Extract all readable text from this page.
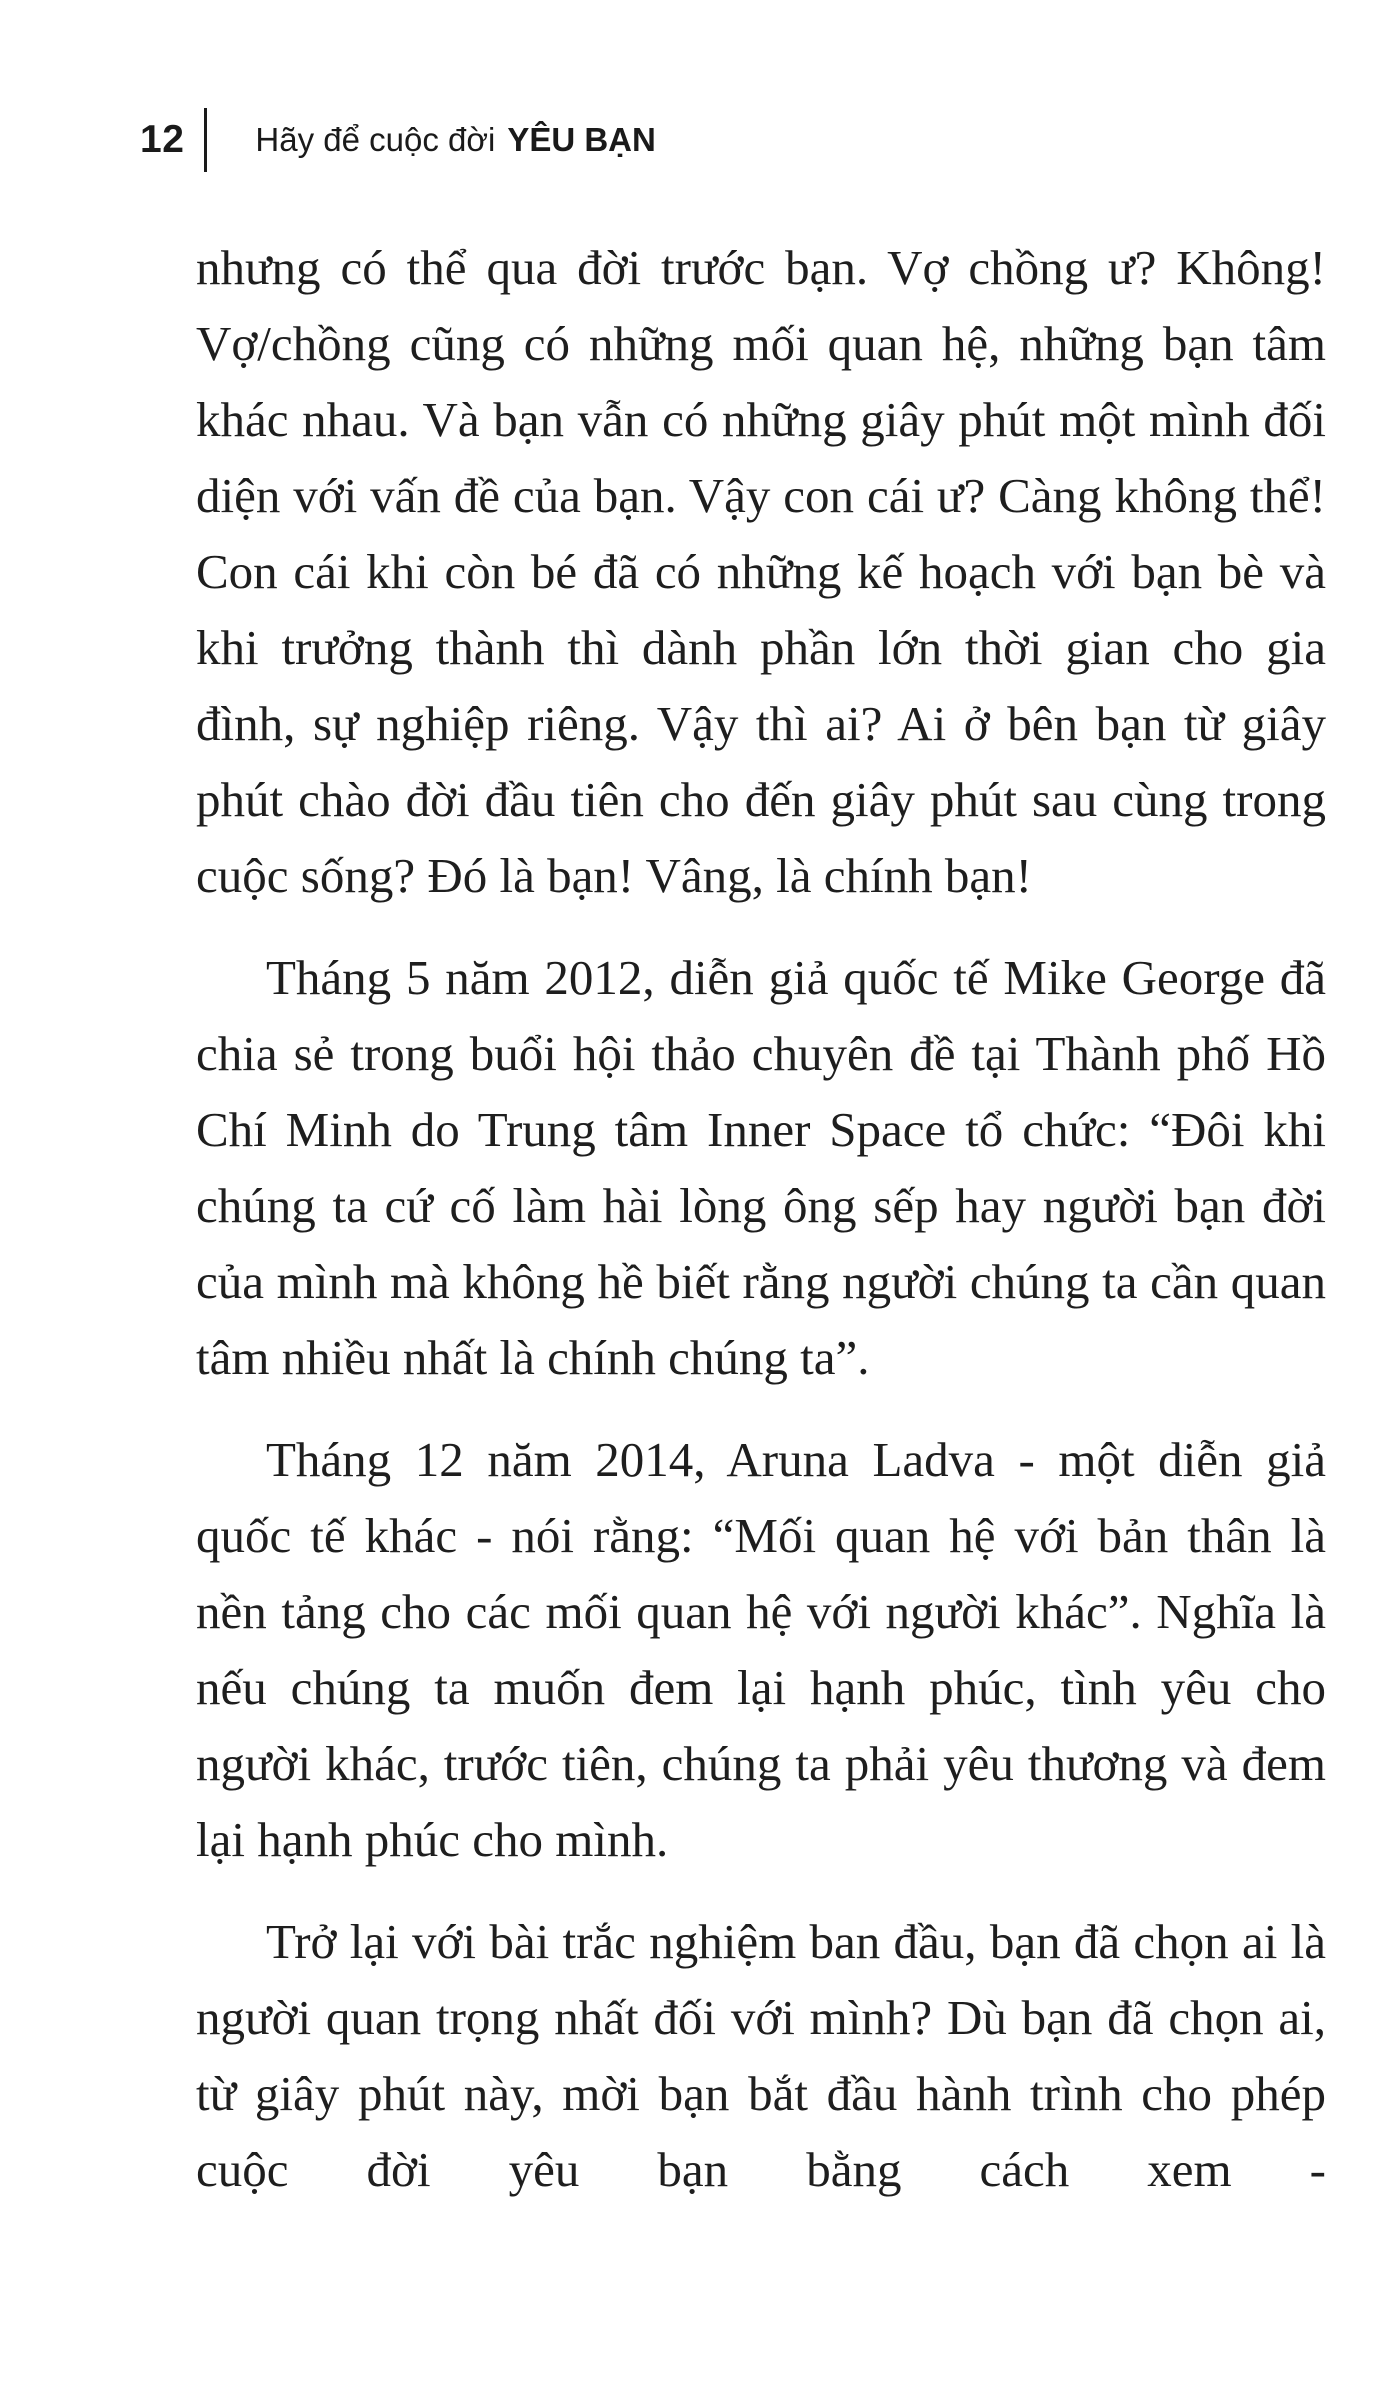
12 Hãy để cuộc đời YÊU BẠN

nhưng có thể qua đời trước bạn. Vợ chồng ư? Không! Vợ/chồng cũng có những mối quan hệ, những bạn tâm khác nhau. Và bạn vẫn có những giây phút một mình đối diện với vấn đề của bạn. Vậy con cái ư? Càng không thể! Con cái khi còn bé đã có những kế hoạch với bạn bè và khi trưởng thành thì dành phần lớn thời gian cho gia đình, sự nghiệp riêng. Vậy thì ai? Ai ở bên bạn từ giây phút chào đời đầu tiên cho đến giây phút sau cùng trong cuộc sống? Đó là bạn! Vâng, là chính bạn!

Tháng 5 năm 2012, diễn giả quốc tế Mike George đã chia sẻ trong buổi hội thảo chuyên đề tại Thành phố Hồ Chí Minh do Trung tâm Inner Space tổ chức: “Đôi khi chúng ta cứ cố làm hài lòng ông sếp hay người bạn đời của mình mà không hề biết rằng người chúng ta cần quan tâm nhiều nhất là chính chúng ta”.

Tháng 12 năm 2014, Aruna Ladva - một diễn giả quốc tế khác - nói rằng: “Mối quan hệ với bản thân là nền tảng cho các mối quan hệ với người khác”. Nghĩa là nếu chúng ta muốn đem lại hạnh phúc, tình yêu cho người khác, trước tiên, chúng ta phải yêu thương và đem lại hạnh phúc cho mình.

Trở lại với bài trắc nghiệm ban đầu, bạn đã chọn ai là người quan trọng nhất đối với mình? Dù bạn đã chọn ai, từ giây phút này, mời bạn bắt đầu hành trình cho phép cuộc đời yêu bạn bằng cách xem -
